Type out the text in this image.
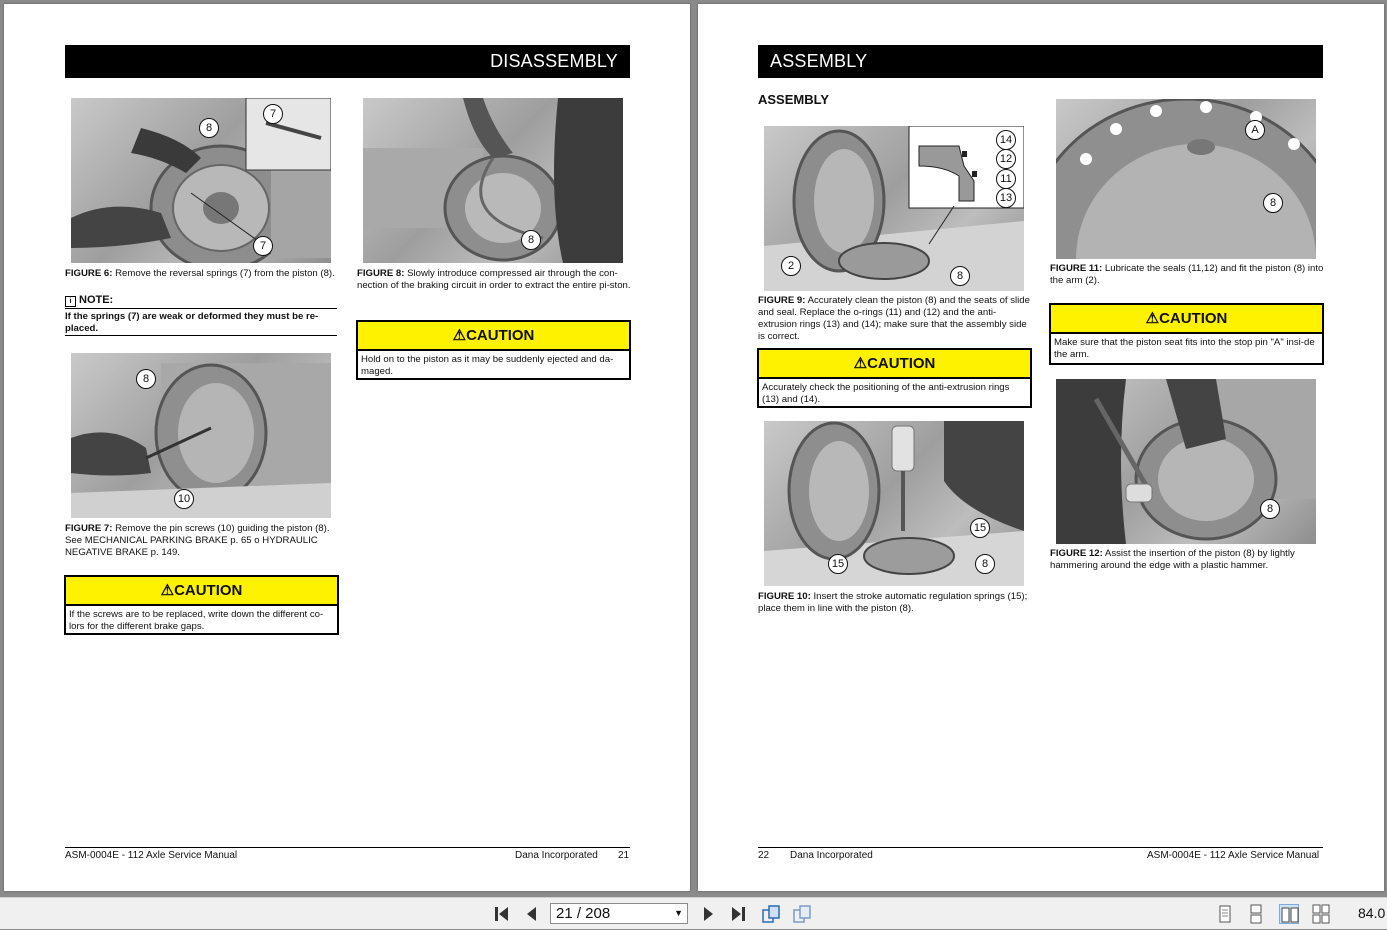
DISASSEMBLY
8
7
7
FIGURE 6: Remove the reversal springs (7) from the piston (8).
i NOTE:
If the springs (7) are weak or deformed they must be re-placed.
8
10
FIGURE 7: Remove the pin screws (10) guiding the piston (8). See MECHANICAL PARKING BRAKE p. 65 o HYDRAULIC NEGATIVE BRAKE p. 149.
⚠CAUTION
If the screws are to be replaced, write down the different co-lors for the different brake gaps.
8
FIGURE 8: Slowly introduce compressed air through the con-nection of the braking circuit in order to extract the entire pi-ston.
⚠CAUTION
Hold on to the piston as it may be suddenly ejected and da-maged.
ASM-0004E - 112 Axle Service Manual	Dana Incorporated 21
ASSEMBLY
ASSEMBLY
14
12
11
13
2
8
FIGURE 9: Accurately clean the piston (8) and the seats of slide and seal. Replace the o-rings (11) and (12) and the anti-extrusion rings (13) and (14); make sure that the assembly side is correct.
⚠CAUTION
Accurately check the positioning of the anti-extrusion rings (13) and (14).
15
15	8
FIGURE 10: Insert the stroke automatic regulation springs (15); place them in line with the piston (8).
A
8
FIGURE 11: Lubricate the seals (11,12) and fit the piston (8) into the arm (2).
⚠CAUTION
Make sure that the piston seat fits into the stop pin "A" insi-de the arm.
8
FIGURE 12: Assist the insertion of the piston (8) by lightly hammering around the edge with a plastic hammer.
22 Dana Incorporated	ASM-0004E - 112 Axle Service Manual
21 / 208	▼	84.0
